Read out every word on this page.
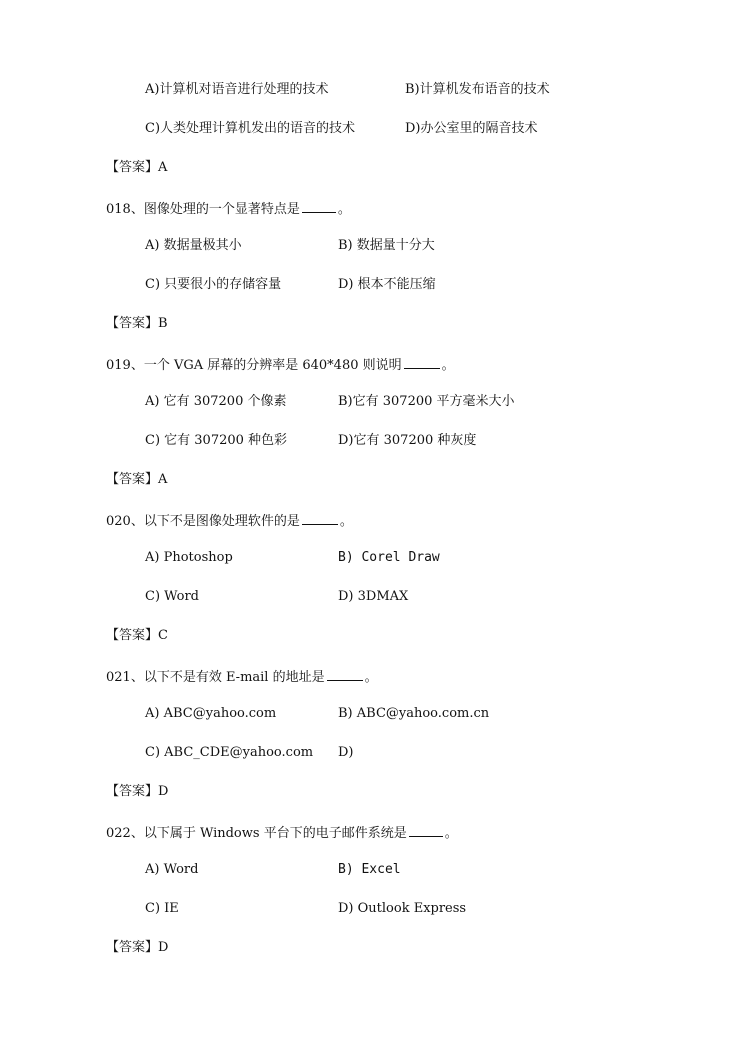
A)计算机对语音进行处理的技术	B)计算机发布语音的技术
C)人类处理计算机发出的语音的技术	D)办公室里的隔音技术
【答案】A
018、图像处理的一个显著特点是	。
A) 数据量极其小	B) 数据量十分大
C) 只要很小的存储容量	D) 根本不能压缩
【答案】B
019、一个 VGA 屏幕的分辨率是 640*480 则说明	。
A) 它有 307200 个像素	B)它有 307200 平方毫米大小
C) 它有 307200 种色彩	D)它有 307200 种灰度
【答案】A
020、以下不是图像处理软件的是	。
A) Photoshop	B) Corel Draw
C) Word	D) 3DMAX
【答案】C
021、以下不是有效 E-mail 的地址是	。
A) ABC@yahoo.com	B) ABC@yahoo.com.cn
C) ABC_CDE@yahoo.com D)
【答案】D
022、以下属于 Windows 平台下的电子邮件系统是	。
A) Word	B) Excel
C) IE	D) Outlook Express
【答案】D
